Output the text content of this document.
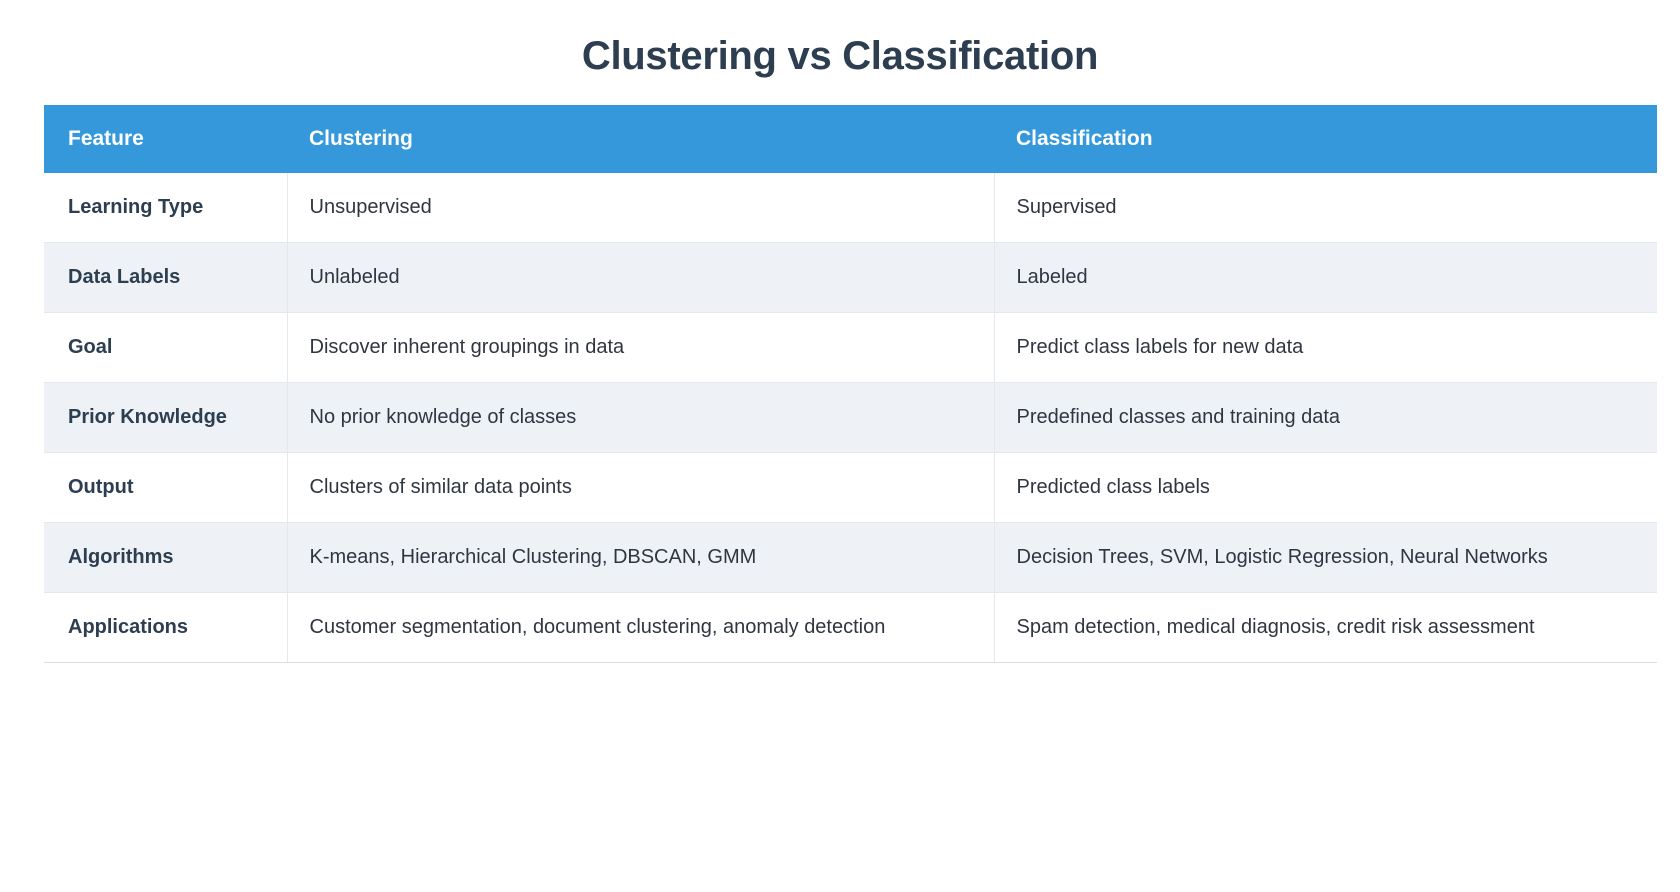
Clustering vs Classification
Feature	Clustering	Classification
Learning Type	Unsupervised	Supervised
Data Labels	Unlabeled	Labeled
Goal	Discover inherent groupings in data	Predict class labels for new data
Prior Knowledge	No prior knowledge of classes	Predefined classes and training data
Output	Clusters of similar data points	Predicted class labels
Algorithms	K-means, Hierarchical Clustering, DBSCAN, GMM	Decision Trees, SVM, Logistic Regression, Neural Networks
Applications	Customer segmentation, document clustering, anomaly detection	Spam detection, medical diagnosis, credit risk assessment
